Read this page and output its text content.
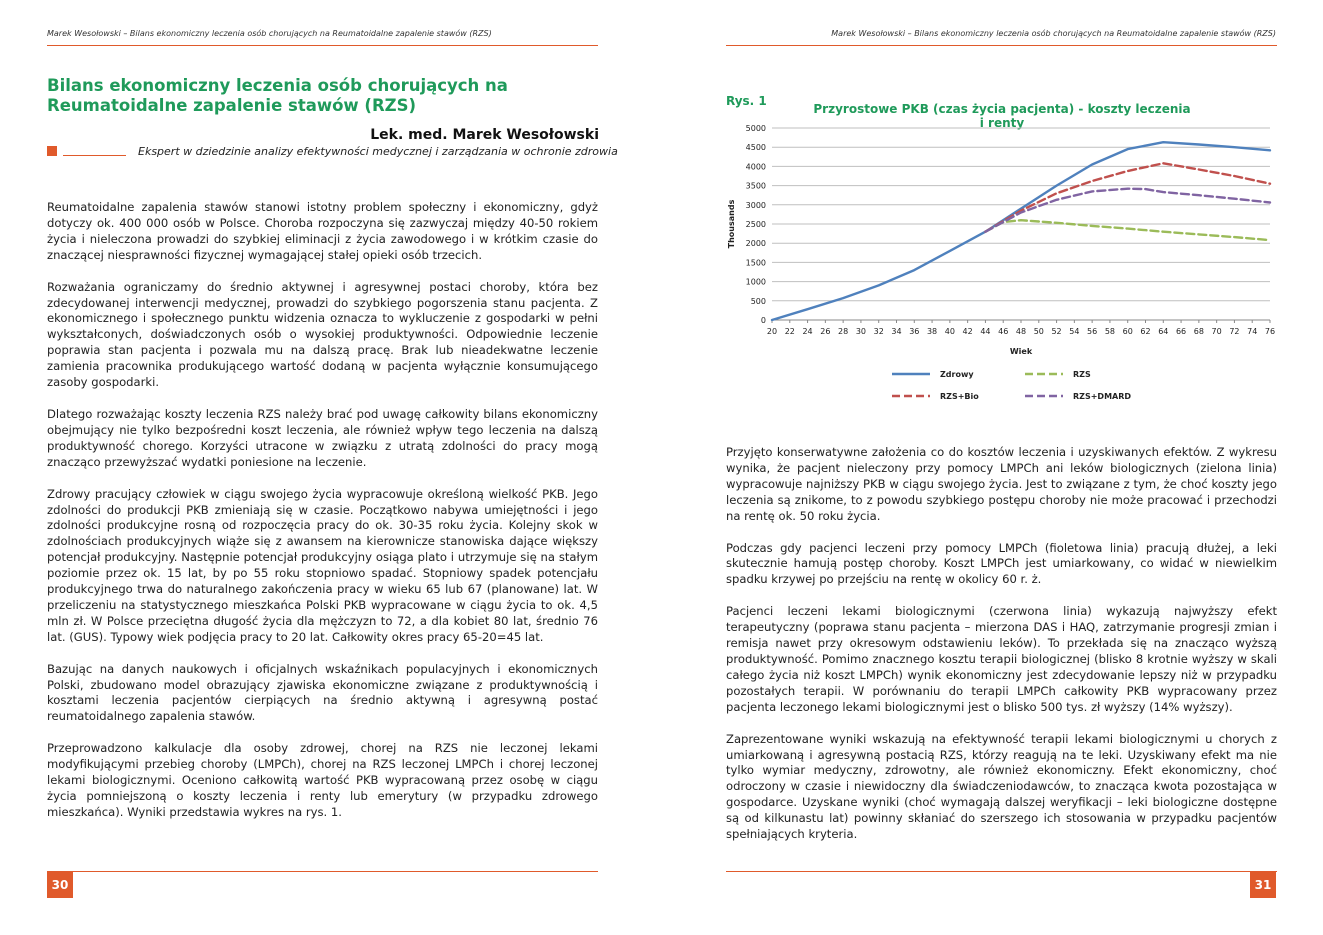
Marek Wesołowski – Bilans ekonomiczny leczenia osób chorujących na Reumatoidalne zapalenie stawów (RZS)
Bilans ekonomiczny leczenia osób chorujących na Reumatoidalne zapalenie stawów (RZS)
Lek. med. Marek Wesołowski
Ekspert w dziedzinie analizy efektywności medycznej i zarządzania w ochronie zdrowia

Reumatoidalne zapalenia stawów stanowi istotny problem społeczny i ekonomiczny, gdyż dotyczy ok. 400 000 osób w Polsce. Choroba rozpoczyna się zazwyczaj między 40-50 rokiem życia i nieleczona prowadzi do szybkiej eliminacji z życia zawodowego i w krótkim czasie do znaczącej niesprawności fizycznej wymagającej stałej opieki osób trzecich.

Rozważania ograniczamy do średnio aktywnej i agresywnej postaci choroby, która bez zdecydowanej interwencji medycznej, prowadzi do szybkiego pogorszenia stanu pacjenta. Z ekonomicznego i społecznego punktu widzenia oznacza to wykluczenie z gospodarki w pełni wykształconych, doświadczonych osób o wysokiej produktywności. Odpowiednie leczenie poprawia stan pacjenta i pozwala mu na dalszą pracę. Brak lub nieadekwatne leczenie zamienia pracownika produkującego wartość dodaną w pacjenta wyłącznie konsumującego zasoby gospodarki.

Dlatego rozważając koszty leczenia RZS należy brać pod uwagę całkowity bilans ekonomiczny obejmujący nie tylko bezpośredni koszt leczenia, ale również wpływ tego leczenia na dalszą produktywność chorego. Korzyści utracone w związku z utratą zdolności do pracy mogą znacząco przewyższać wydatki poniesione na leczenie.

Zdrowy pracujący człowiek w ciągu swojego życia wypracowuje określoną wielkość PKB. Jego zdolności do produkcji PKB zmieniają się w czasie. Początkowo nabywa umiejętności i jego zdolności produkcyjne rosną od rozpoczęcia pracy do ok. 30-35 roku życia. Kolejny skok w zdolnościach produkcyjnych wiąże się z awansem na kierownicze stanowiska dające większy potencjał produkcyjny. Następnie potencjał produkcyjny osiąga plato i utrzymuje się na stałym poziomie przez ok. 15 lat, by po 55 roku stopniowo spadać. Stopniowy spadek potencjału produkcyjnego trwa do naturalnego zakończenia pracy w wieku 65 lub 67 (planowane) lat. W przeliczeniu na statystycznego mieszkańca Polski PKB wypracowane w ciągu życia to ok. 4,5 mln zł. W Polsce przeciętna długość życia dla mężczyzn to 72, a dla kobiet 80 lat, średnio 76 lat. (GUS). Typowy wiek podjęcia pracy to 20 lat. Całkowity okres pracy 65-20=45 lat.

Bazując na danych naukowych i oficjalnych wskaźnikach populacyjnych i ekonomicznych Polski, zbudowano model obrazujący zjawiska ekonomiczne związane z produktywnością i kosztami leczenia pacjentów cierpiących na średnio aktywną i agresywną postać reumatoidalnego zapalenia stawów.

Przeprowadzono kalkulacje dla osoby zdrowej, chorej na RZS nie leczonej lekami modyfikującymi przebieg choroby (LMPCh), chorej na RZS leczonej LMPCh i chorej leczonej lekami biologicznymi. Oceniono całkowitą wartość PKB wypracowaną przez osobę w ciągu życia pomniejszoną o koszty leczenia i renty lub emerytury (w przypadku zdrowego mieszkańca). Wyniki przedstawia wykres na rys. 1.

30
Marek Wesołowski – Bilans ekonomiczny leczenia osób chorujących na Reumatoidalne zapalenie stawów (RZS)
Rys. 1
Przyrostowe PKB (czas życia pacjenta) - koszty leczenia i renty
0
500
1000
1500
2000
2500
3000
3500
4000
4500
5000
20 22 24 26 28 30 32 34 36 38 40 42 44 46 48 50 52 54 56 58 60 62 64 66 68 70 72 74 76
Wiek
Thousands
Zdrowy	RZS
RZS+Bio	RZS+DMARD

Przyjęto konserwatywne założenia co do kosztów leczenia i uzyskiwanych efektów. Z wykresu wynika, że pacjent nieleczony przy pomocy LMPCh ani leków biologicznych (zielona linia) wypracowuje najniższy PKB w ciągu swojego życia. Jest to związane z tym, że choć koszty jego leczenia są znikome, to z powodu szybkiego postępu choroby nie może pracować i przechodzi na rentę ok. 50 roku życia.

Podczas gdy pacjenci leczeni przy pomocy LMPCh (fioletowa linia) pracują dłużej, a leki skutecznie hamują postęp choroby. Koszt LMPCh jest umiarkowany, co widać w niewielkim spadku krzywej po przejściu na rentę w okolicy 60 r. ż.

Pacjenci leczeni lekami biologicznymi (czerwona linia) wykazują najwyższy efekt terapeutyczny (poprawa stanu pacjenta – mierzona DAS i HAQ, zatrzymanie progresji zmian i remisja nawet przy okresowym odstawieniu leków). To przekłada się na znacząco wyższą produktywność. Pomimo znacznego kosztu terapii biologicznej (blisko 8 krotnie wyższy w skali całego życia niż koszt LMPCh) wynik ekonomiczny jest zdecydowanie lepszy niż w przypadku pozostałych terapii. W porównaniu do terapii LMPCh całkowity PKB wypracowany przez pacjenta leczonego lekami biologicznymi jest o blisko 500 tys. zł wyższy (14% wyższy).

Zaprezentowane wyniki wskazują na efektywność terapii lekami biologicznymi u chorych z umiarkowaną i agresywną postacią RZS, którzy reagują na te leki. Uzyskiwany efekt ma nie tylko wymiar medyczny, zdrowotny, ale również ekonomiczny. Efekt ekonomiczny, choć odroczony w czasie i niewidoczny dla świadczeniodawców, to znacząca kwota pozostająca w gospodarce. Uzyskane wyniki (choć wymagają dalszej weryfikacji – leki biologiczne dostępne są od kilkunastu lat) powinny skłaniać do szerszego ich stosowania w przypadku pacjentów spełniających kryteria.

31
